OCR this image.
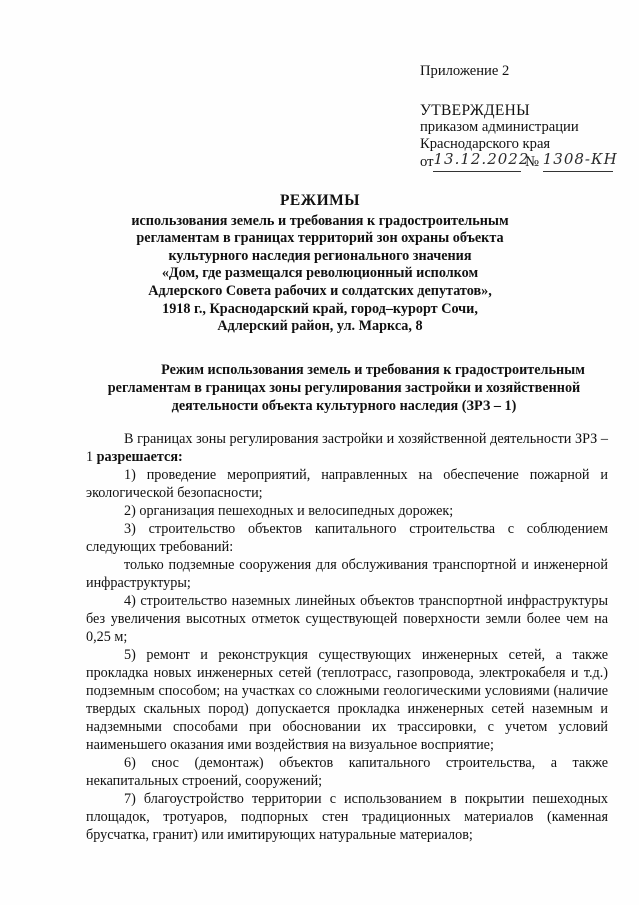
Приложение 2
УТВЕРЖДЕНЫ
приказом администрации
Краснодарского края
от13.12.2022 № 1308-КН
РЕЖИМЫ
использования земель и требования к градостроительным
регламентам в границах территорий зон охраны объекта
культурного наследия регионального значения
«Дом, где размещался революционный исполком
Адлерского Совета рабочих и солдатских депутатов»,
1918 г., Краснодарский край, город–курорт Сочи,
Адлерский район, ул. Маркса, 8
Режим использования земель и требования к градостроительным
регламентам в границах зоны регулирования застройки и хозяйственной
деятельности объекта культурного наследия (ЗРЗ – 1)

В границах зоны регулирования застройки и хозяйственной деятельности ЗРЗ – 1 разрешается:

1) проведение мероприятий, направленных на обеспечение пожарной и экологической безопасности;

2) организация пешеходных и велосипедных дорожек;

3) строительство объектов капитального строительства с соблюдением следующих требований:

только подземные сооружения для обслуживания транспортной и инженерной инфраструктуры;

4) строительство наземных линейных объектов транспортной инфраструктуры без увеличения высотных отметок существующей поверхности земли более чем на 0,25 м;

5) ремонт и реконструкция существующих инженерных сетей, а также прокладка новых инженерных сетей (теплотрасс, газопровода, электрокабеля и т.д.) подземным способом; на участках со сложными геологическими условиями (наличие твердых скальных пород) допускается прокладка инженерных сетей наземным и надземными способами при обосновании их трассировки, с учетом условий наименьшего оказания ими воздействия на визуальное восприятие;

6) снос (демонтаж) объектов капитального строительства, а также некапитальных строений, сооружений;

7) благоустройство территории с использованием в покрытии пешеходных площадок, тротуаров, подпорных стен традиционных материалов (каменная брусчатка, гранит) или имитирующих натуральные материалов;
